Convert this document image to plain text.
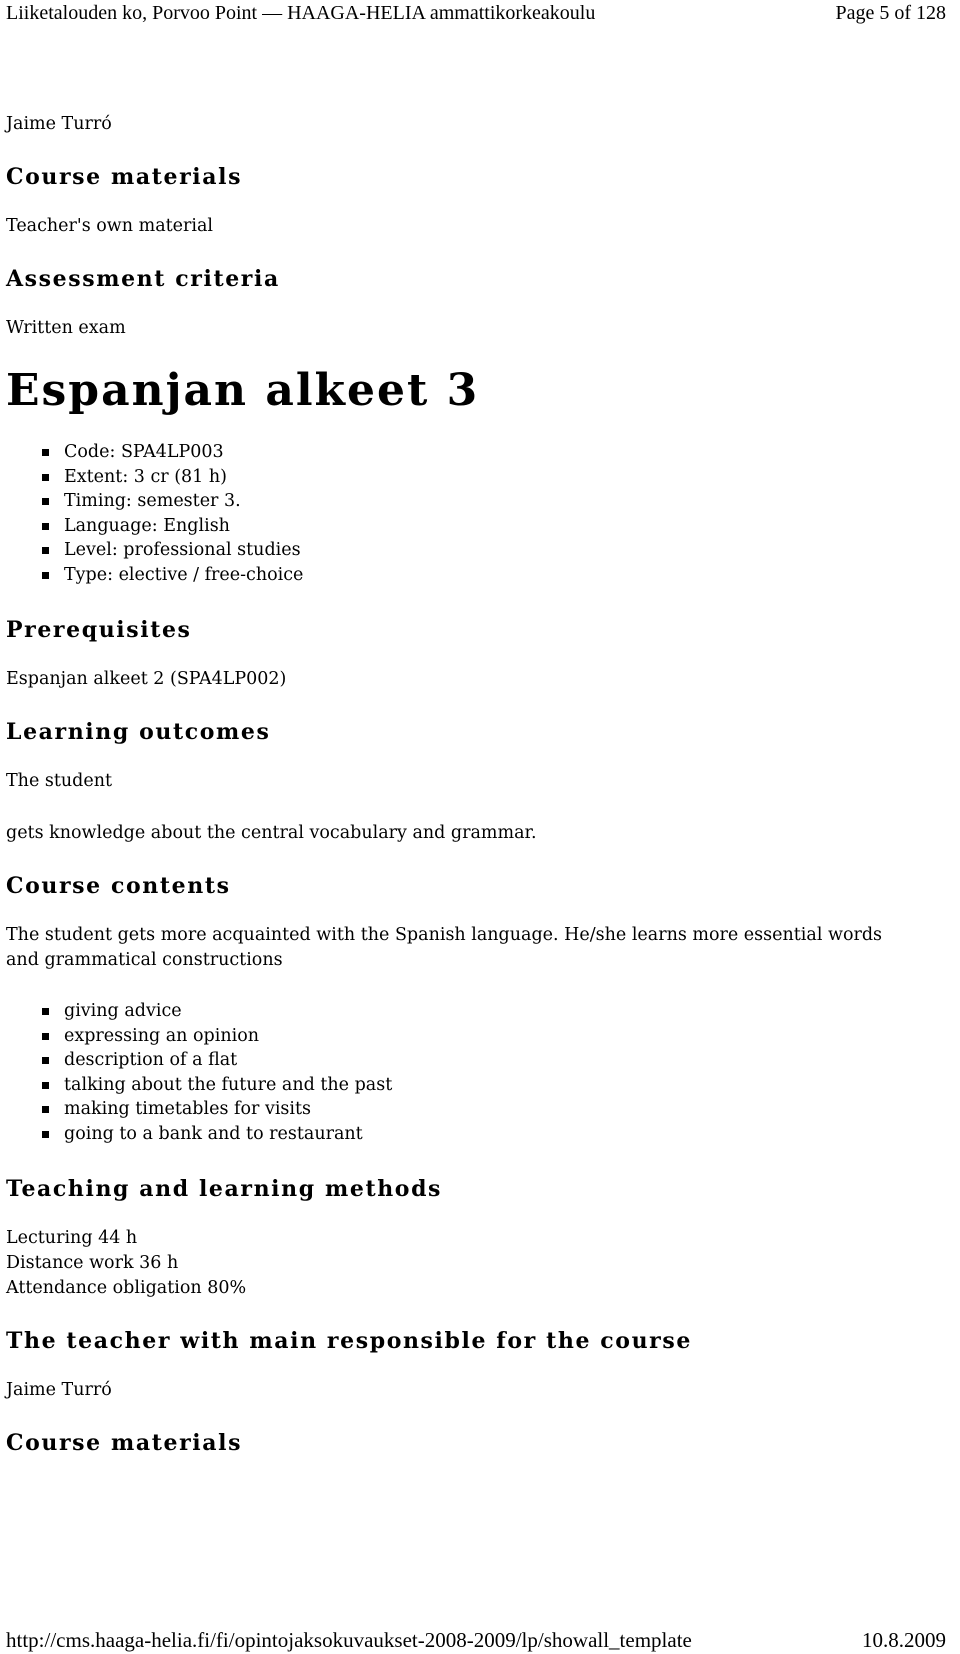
Liiketalouden ko, Porvoo Point — HAAGA-HELIA ammattikorkeakoulu	Page 5 of 128

Jaime Turró

Course materials

Teacher's own material

Assessment criteria

Written exam

Espanjan alkeet 3
Code: SPA4LP003
Extent: 3 cr (81 h)
Timing: semester 3.
Language: English
Level: professional studies
Type: elective / free-choice
Prerequisites

Espanjan alkeet 2 (SPA4LP002)

Learning outcomes

The student

gets knowledge about the central vocabulary and grammar.

Course contents

The student gets more acquainted with the Spanish language. He/she learns more essential words

and grammatical constructions

giving advice
expressing an opinion
description of a flat
talking about the future and the past
making timetables for visits
going to a bank and to restaurant
Teaching and learning methods

Lecturing 44 h

Distance work 36 h

Attendance obligation 80%

The teacher with main responsible for the course

Jaime Turró

Course materials
http://cms.haaga-helia.fi/fi/opintojaksokuvaukset-2008-2009/lp/showall_template	10.8.2009
